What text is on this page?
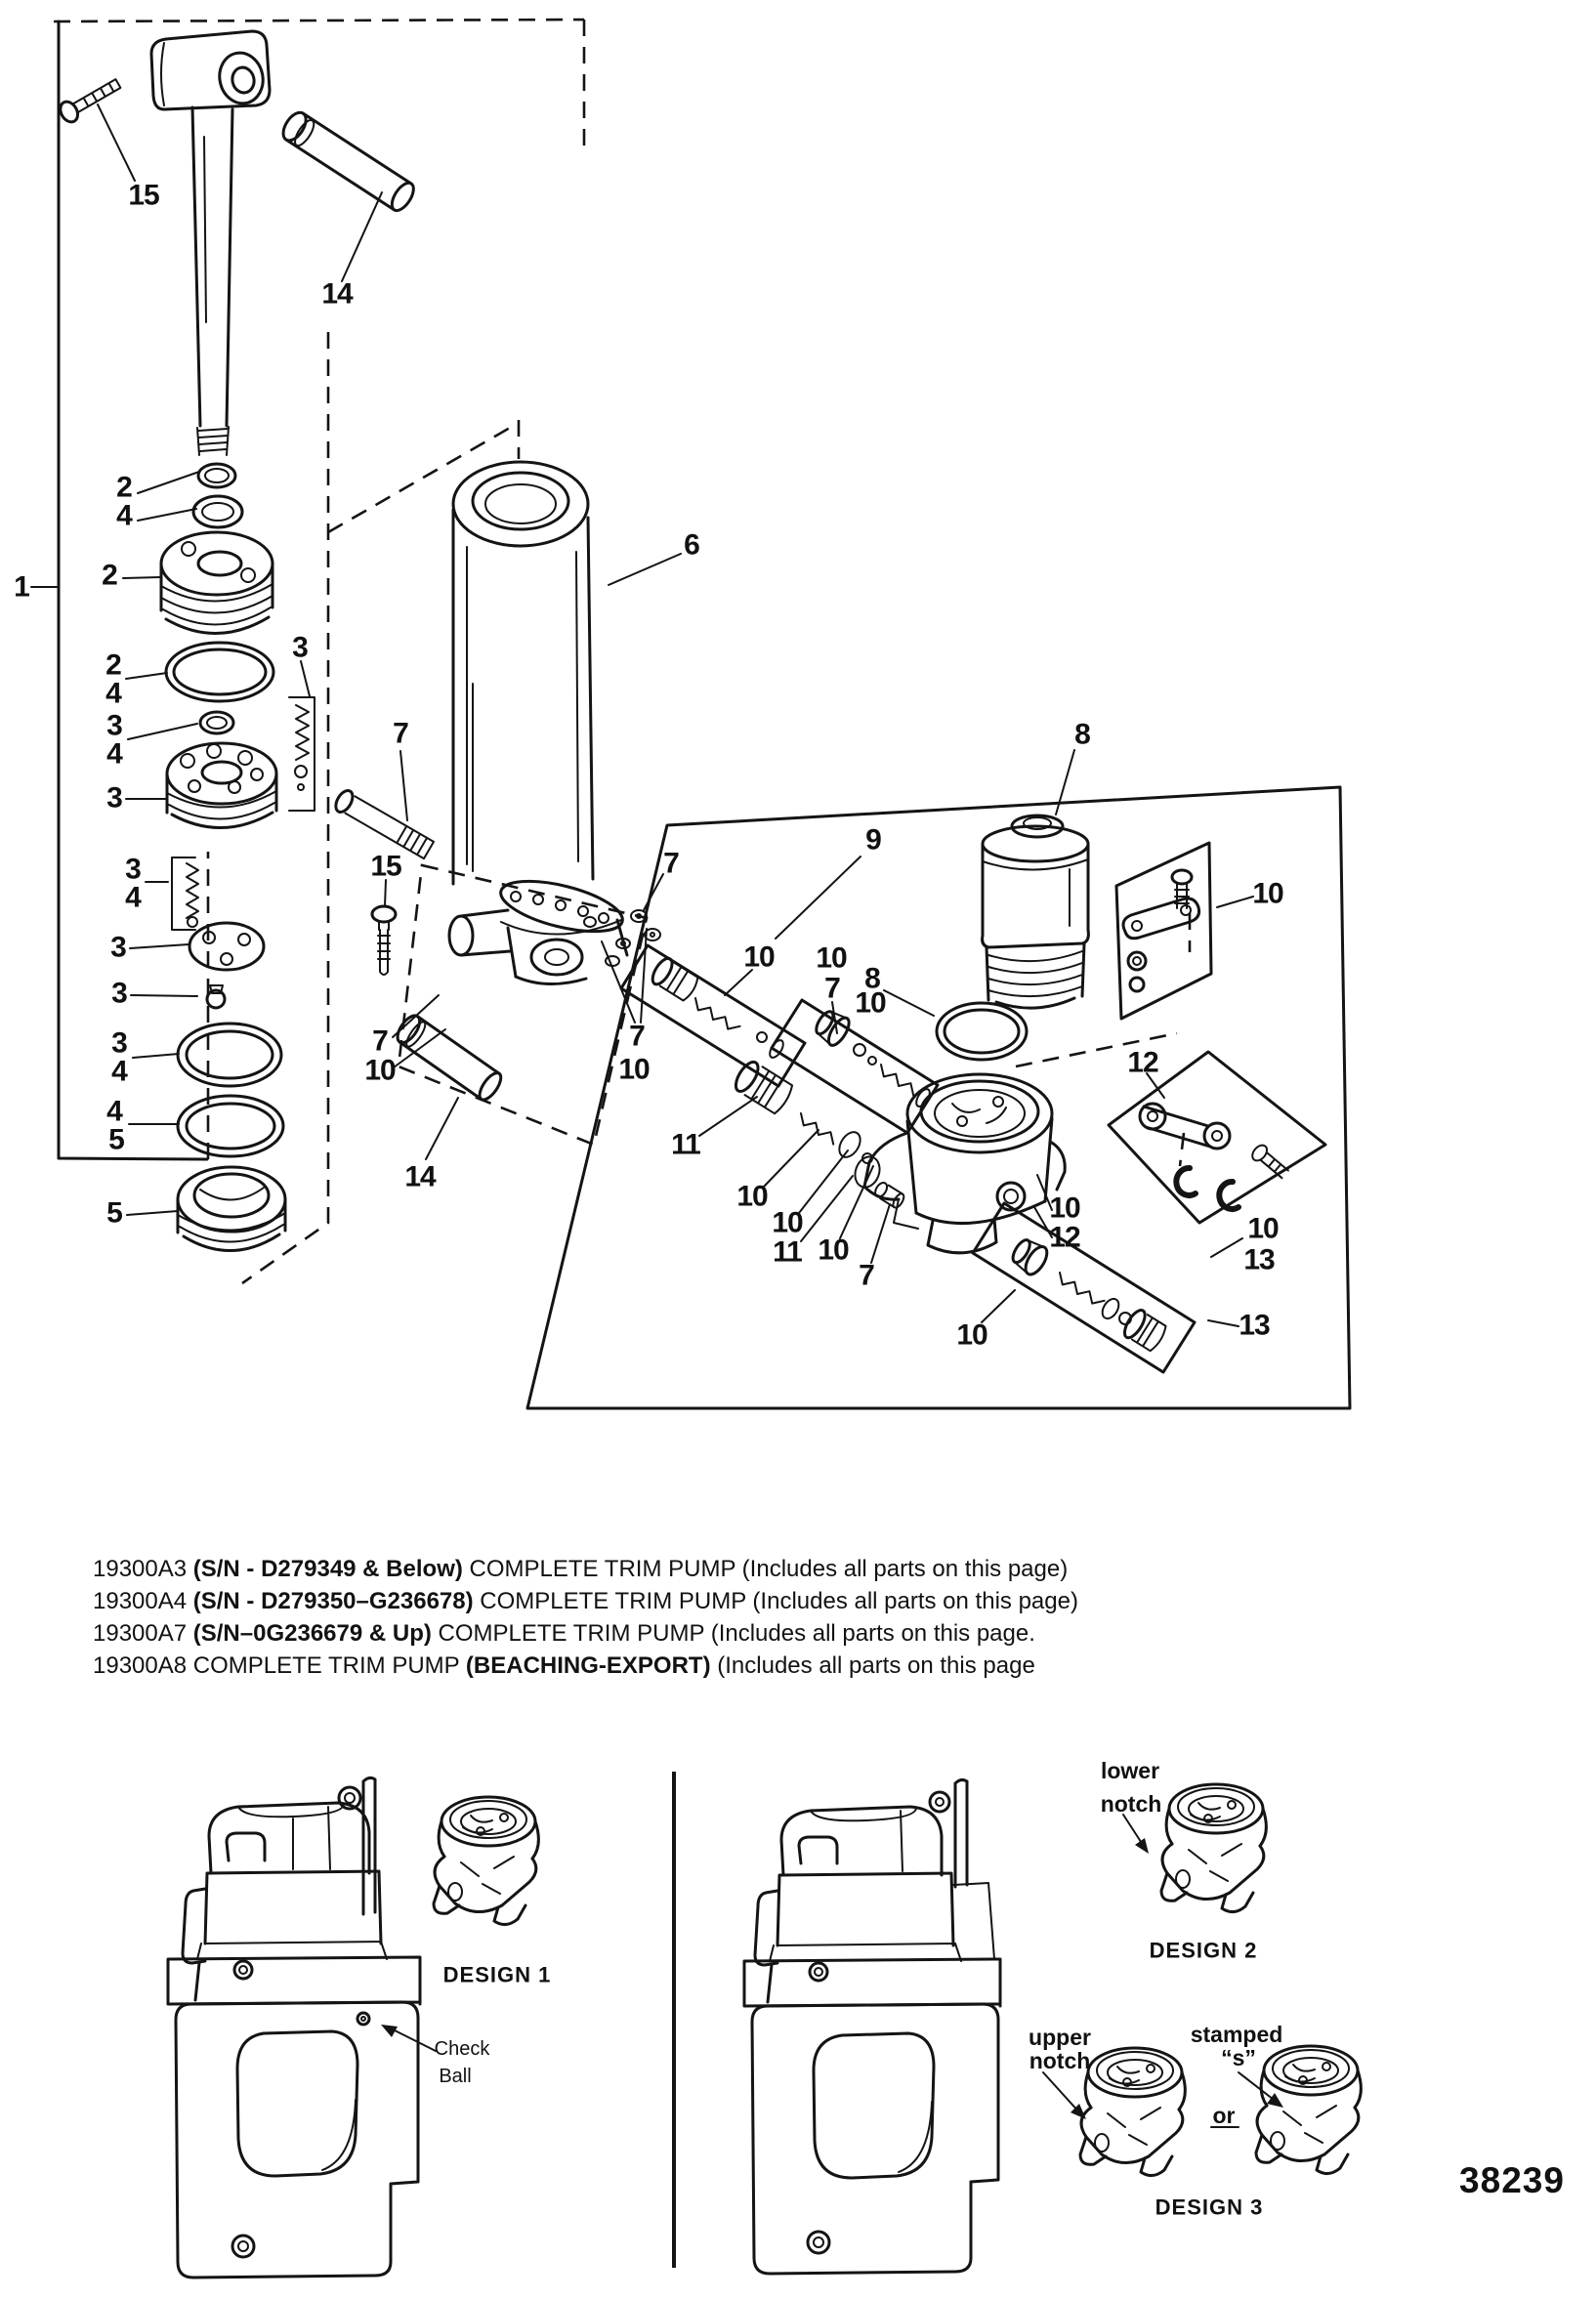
15
14
1
2
4
2
2
4
3
4
3
3
3
4
3
3
3
4
4
5
5
6
7
15	7
7
10
7
10
14
8
9
10 10
7 8
10
10
12
11
10
10
11 10
7
10
12
10
10
13
13
DESIGN 1
DESIGN 2
DESIGN 3
lower
notch
upper
notch
stamped
“s”
or
Check
Ball
19300A3 (S/N - D279349 & Below) COMPLETE TRIM PUMP (Includes all parts on this page)
19300A4 (S/N - D279350–G236678) COMPLETE TRIM PUMP (Includes all parts on this page)
19300A7 (S/N–0G236679 & Up) COMPLETE TRIM PUMP (Includes all parts on this page.
19300A8 COMPLETE TRIM PUMP (BEACHING-EXPORT) (Includes all parts on this page
38239
